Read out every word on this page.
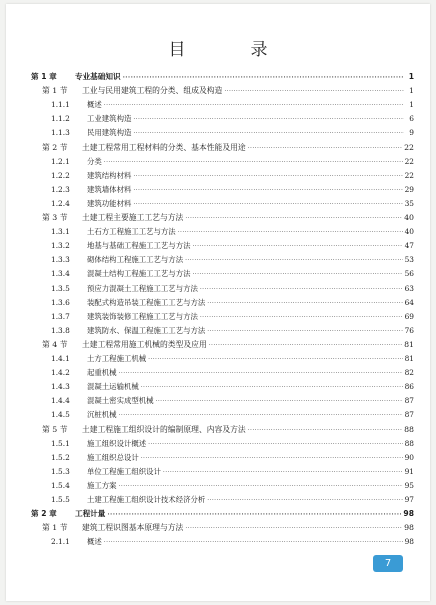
目　录
第 1 章	专业基础知识 ·····	1
第 1 节	工业与民用建筑工程的分类、组成及构造 ·····	1
1.1.1	概述 ·····	1
1.1.2	工业建筑构造 ·····	6
1.1.3	民用建筑构造 ·····	9
第 2 节	土建工程常用工程材料的分类、基本性能及用途 ·····	22
1.2.1	分类 ·····	22
1.2.2	建筑结构材料 ·····	22
1.2.3	建筑墙体材料 ·····	29
1.2.4	建筑功能材料 ·····	35
第 3 节	土建工程主要施工工艺与方法 ·····	40
1.3.1	土石方工程施工工艺与方法 ·····	40
1.3.2	地基与基础工程施工工艺与方法 ·····	47
1.3.3	砌体结构工程施工工艺与方法 ·····	53
1.3.4	混凝土结构工程施工工艺与方法 ·····	56
1.3.5	预应力混凝土工程施工工艺与方法 ·····	63
1.3.6	装配式构造吊装工程施工工艺与方法 ·····	64
1.3.7	建筑装饰装修工程施工工艺与方法 ·····	69
1.3.8	建筑防水、保温工程施工工艺与方法 ·····	76
第 4 节	土建工程常用施工机械的类型及应用 ·····	81
1.4.1	土方工程施工机械 ·····	81
1.4.2	起重机械 ·····	82
1.4.3	混凝土运输机械 ·····	86
1.4.4	混凝土密实成型机械 ·····	87
1.4.5	沉桩机械 ·····	87
第 5 节	土建工程施工组织设计的编制原理、内容及方法 ·····	88
1.5.1	施工组织设计概述 ·····	88
1.5.2	施工组织总设计 ·····	90
1.5.3	单位工程施工组织设计 ·····	91
1.5.4	施工方案 ·····	95
1.5.5	土建工程施工组织设计技术经济分析 ·····	97
第 2 章	工程计量 ·····	98
第 1 节	建筑工程识图基本原理与方法 ·····	98
2.1.1	概述 ·····	98
7
